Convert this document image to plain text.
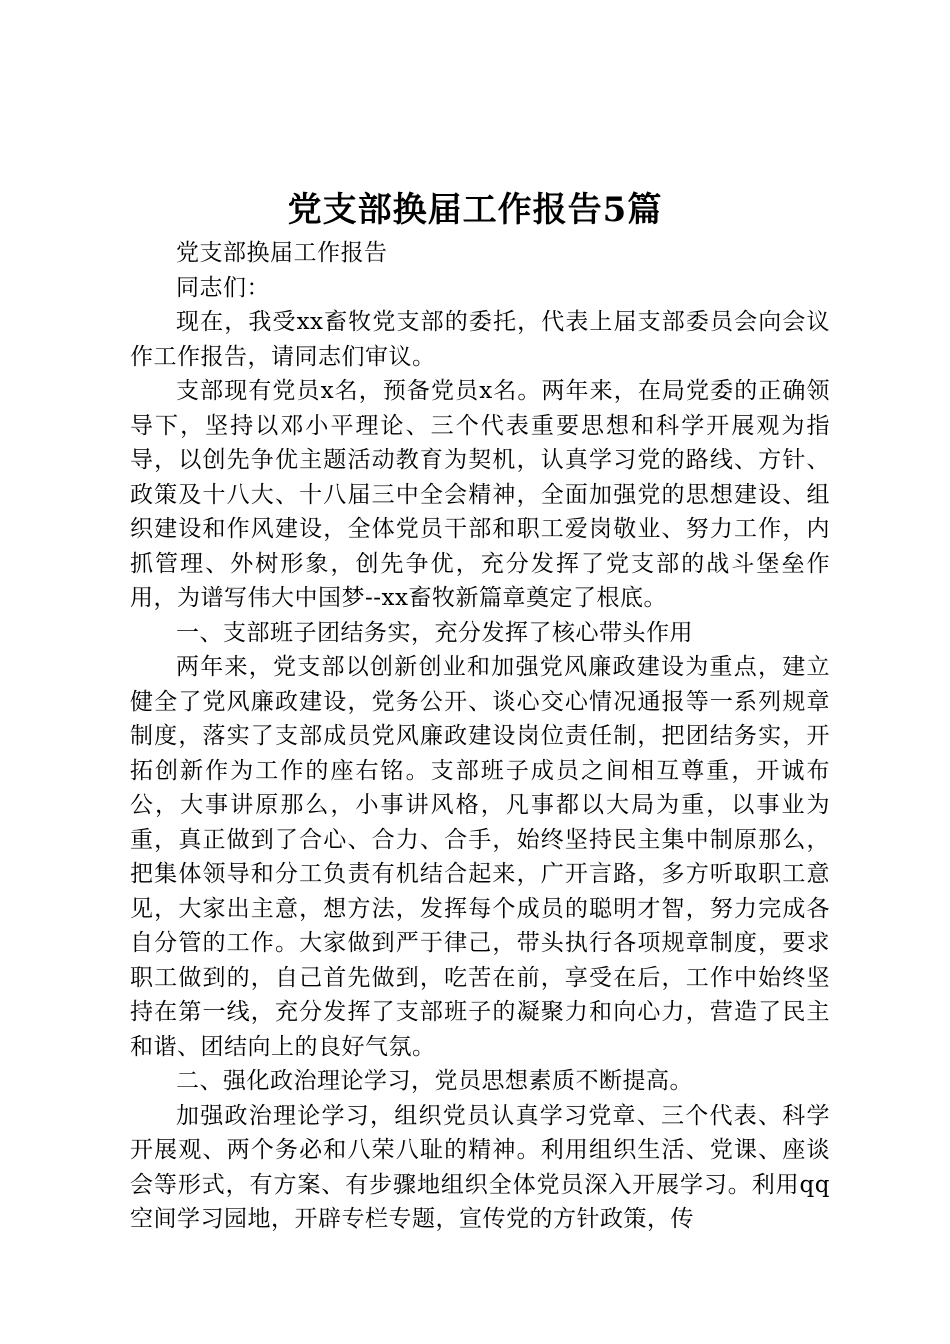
党支部换届工作报告5篇

党支部换届工作报告

同志们：

现在，我受xx畜牧党支部的委托，代表上届支部委员会向会议作工作报告，请同志们审议。

支部现有党员x名，预备党员x名。两年来，在局党委的正确领导下，坚持以邓小平理论、三个代表重要思想和科学开展观为指导，以创先争优主题活动教育为契机，认真学习党的路线、方针、政策及十八大、十八届三中全会精神，全面加强党的思想建设、组织建设和作风建设，全体党员干部和职工爱岗敬业、努力工作，内抓管理、外树形象，创先争优，充分发挥了党支部的战斗堡垒作用，为谱写伟大中国梦--xx畜牧新篇章奠定了根底。

一、支部班子团结务实，充分发挥了核心带头作用

两年来，党支部以创新创业和加强党风廉政建设为重点，建立健全了党风廉政建设，党务公开、谈心交心情况通报等一系列规章制度，落实了支部成员党风廉政建设岗位责任制，把团结务实，开拓创新作为工作的座右铭。支部班子成员之间相互尊重，开诚布公，大事讲原那么，小事讲风格，凡事都以大局为重，以事业为重，真正做到了合心、合力、合手，始终坚持民主集中制原那么，把集体领导和分工负责有机结合起来，广开言路，多方听取职工意见，大家出主意，想方法，发挥每个成员的聪明才智，努力完成各自分管的工作。大家做到严于律己，带头执行各项规章制度，要求职工做到的，自己首先做到，吃苦在前，享受在后，工作中始终坚持在第一线，充分发挥了支部班子的凝聚力和向心力，营造了民主和谐、团结向上的良好气氛。

二、强化政治理论学习，党员思想素质不断提高。

加强政治理论学习，组织党员认真学习党章、三个代表、科学开展观、两个务必和八荣八耻的精神。利用组织生活、党课、座谈会等形式，有方案、有步骤地组织全体党员深入开展学习。利用qq空间学习园地，开辟专栏专题，宣传党的方针政策，传
